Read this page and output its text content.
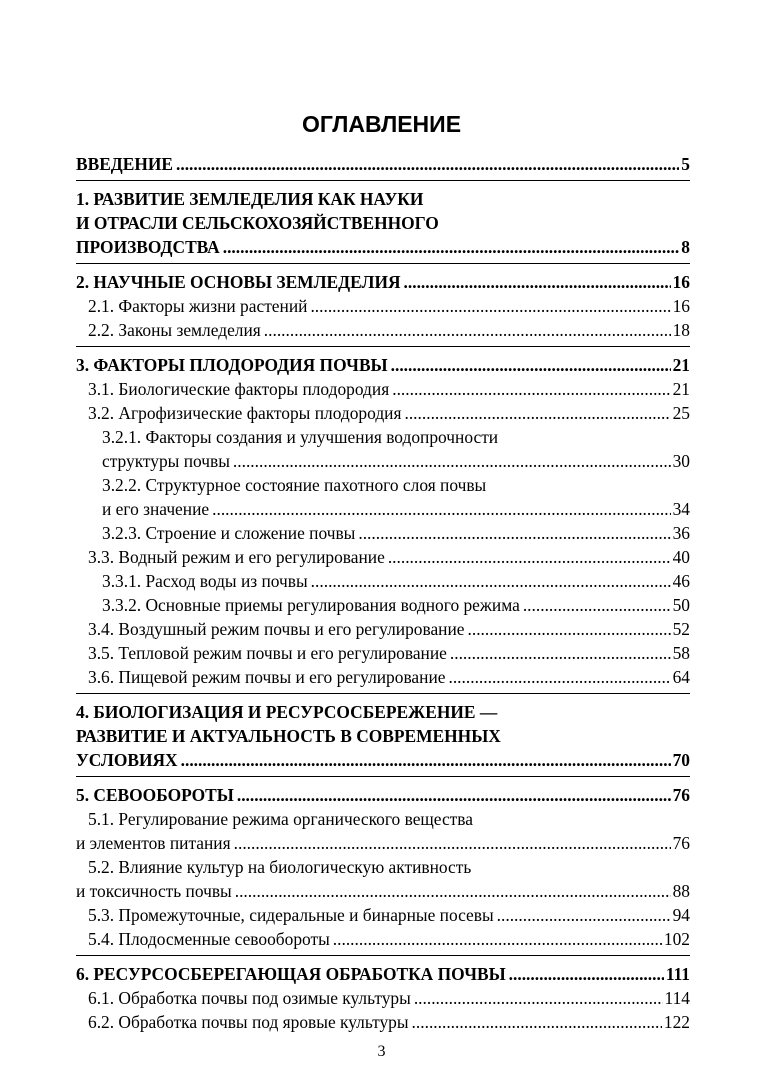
ОГЛАВЛЕНИЕ
ВВЕДЕНИЕ .....	5
1. РАЗВИТИЕ ЗЕМЛЕДЕЛИЯ КАК НАУКИ
И ОТРАСЛИ СЕЛЬСКОХОЗЯЙСТВЕННОГО
ПРОИЗВОДСТВА .....	8
2. НАУЧНЫЕ ОСНОВЫ ЗЕМЛЕДЕЛИЯ .....	16
2.1. Факторы жизни растений .....	16
2.2. Законы земледелия .....	18
3. ФАКТОРЫ ПЛОДОРОДИЯ ПОЧВЫ .....	21
3.1. Биологические факторы плодородия .....	21
3.2. Агрофизические факторы плодородия .....	25
3.2.1. Факторы создания и улучшения водопрочности
структуры почвы .....	30
3.2.2. Структурное состояние пахотного слоя почвы
и его значение .....	34
3.2.3. Строение и сложение почвы .....	36
3.3. Водный режим и его регулирование .....	40
3.3.1. Расход воды из почвы .....	46
3.3.2. Основные приемы регулирования водного режима .....	50
3.4. Воздушный режим почвы и его регулирование .....	52
3.5. Тепловой режим почвы и его регулирование .....	58
3.6. Пищевой режим почвы и его регулирование .....	64
4. БИОЛОГИЗАЦИЯ И РЕСУРСОСБЕРЕЖЕНИЕ —
РАЗВИТИЕ И АКТУАЛЬНОСТЬ В СОВРЕМЕННЫХ
УСЛОВИЯХ .....	70
5. СЕВООБОРОТЫ .....	76
5.1. Регулирование режима органического вещества
и элементов питания .....	76
5.2. Влияние культур на биологическую активность
и токсичность почвы .....	88
5.3. Промежуточные, сидеральные и бинарные посевы .....	94
5.4. Плодосменные севообороты .....	102
6. РЕСУРСОСБЕРЕГАЮЩАЯ ОБРАБОТКА ПОЧВЫ .....	111
6.1. Обработка почвы под озимые культуры .....	114
6.2. Обработка почвы под яровые культуры .....	122
3
